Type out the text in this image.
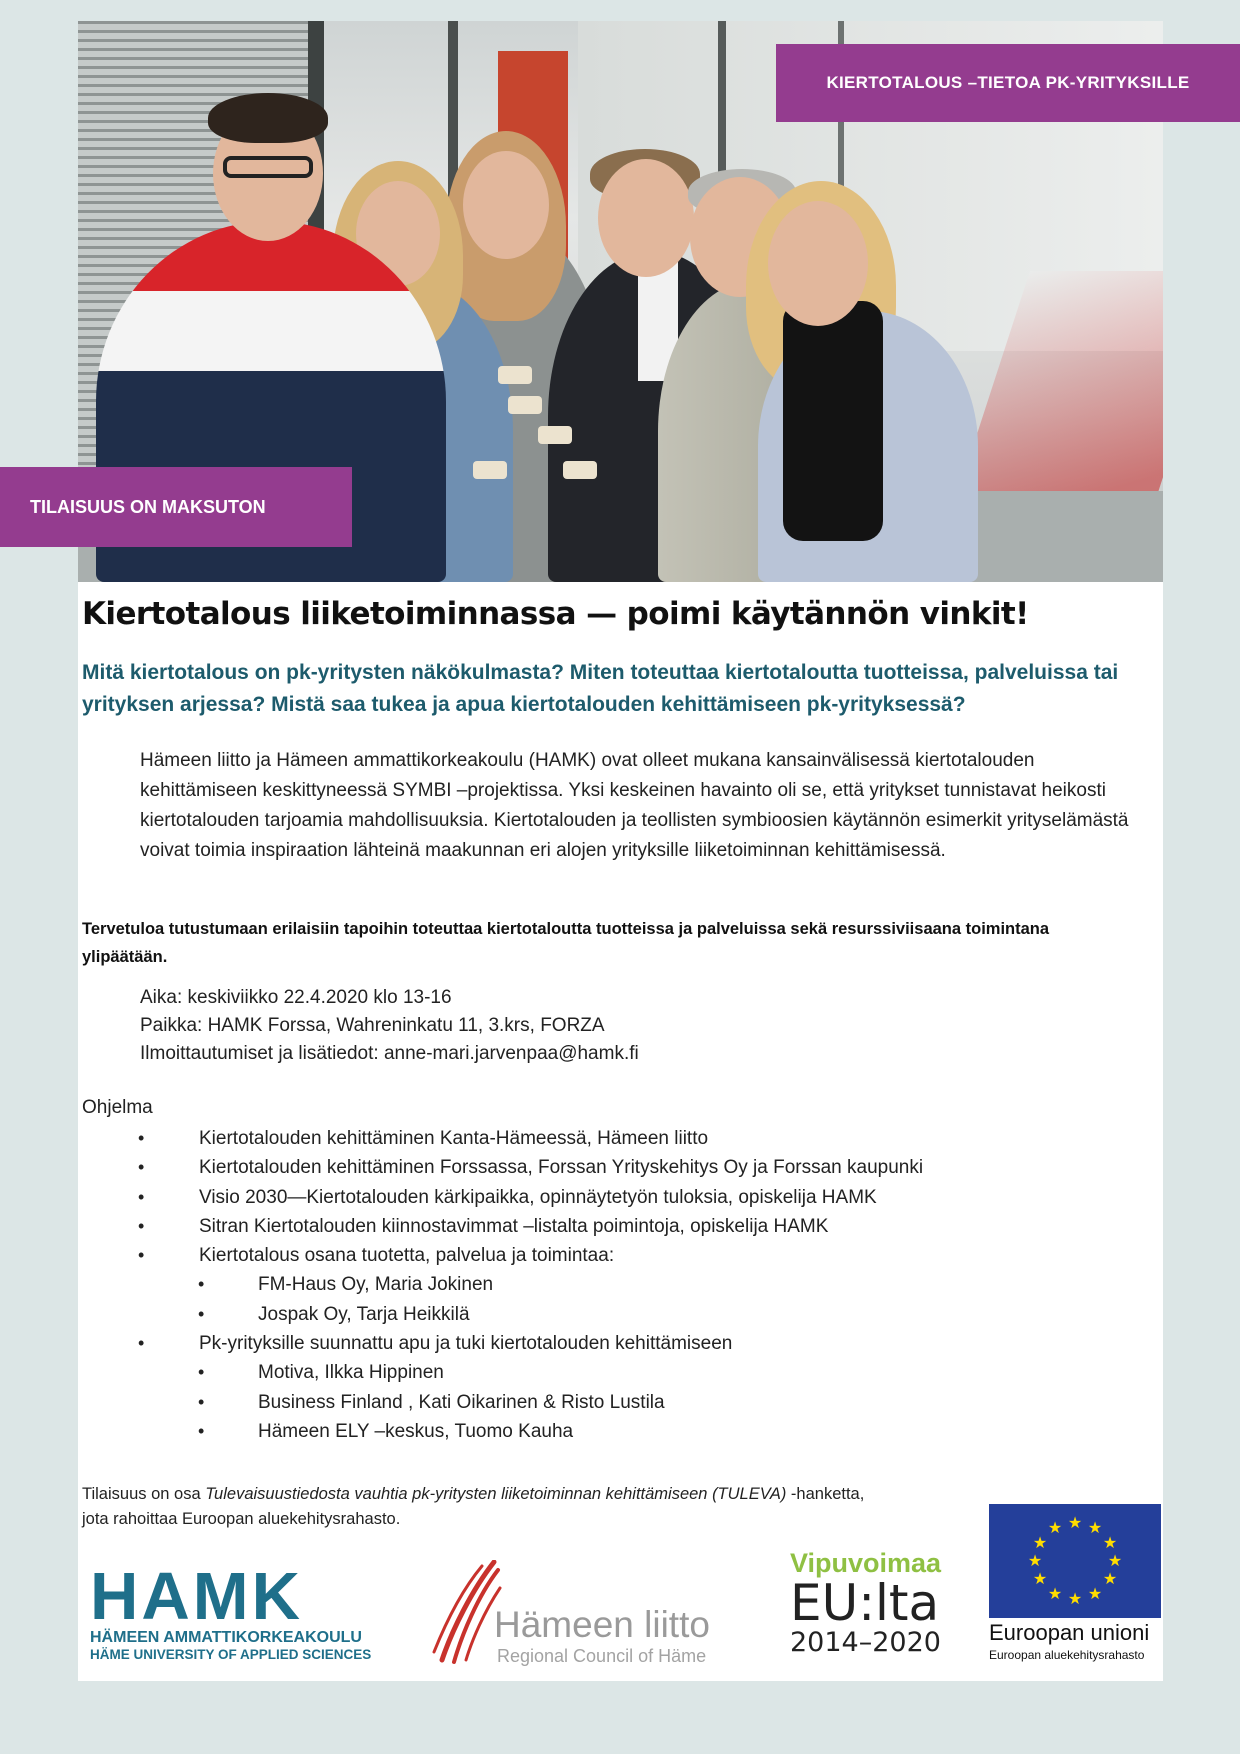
KIERTOTALOUS –TIETOA PK-YRITYKSILLE
TILAISUUS ON MAKSUTON
Kiertotalous liiketoiminnassa — poimi käytännön vinkit!
Mitä kiertotalous on pk-yritysten näkökulmasta? Miten toteuttaa kiertotaloutta tuotteissa, palveluissa tai yrityksen arjessa? Mistä saa tukea ja apua kiertotalouden kehittämiseen pk-yrityksessä?
Hämeen liitto ja Hämeen ammattikorkeakoulu (HAMK) ovat olleet mukana kansainvälisessä kiertotalouden kehittämiseen keskittyneessä SYMBI –projektissa. Yksi keskeinen havainto oli se, että yritykset tunnistavat heikosti kiertotalouden tarjoamia mahdollisuuksia. Kiertotalouden ja teollisten symbioosien käytännön esimerkit yrityselämästä voivat toimia inspiraation lähteinä maakunnan eri alojen yrityksille liiketoiminnan kehittämisessä.
Tervetuloa tutustumaan erilaisiin tapoihin toteuttaa kiertotaloutta tuotteissa ja palveluissa sekä resurssiviisaana toimintana ylipäätään.
Aika: keskiviikko 22.4.2020 klo 13-16
Paikka: HAMK Forssa, Wahreninkatu 11, 3.krs, FORZA
Ilmoittautumiset ja lisätiedot: anne-mari.jarvenpaa@hamk.fi
Ohjelma
•	Kiertotalouden kehittäminen Kanta-Hämeessä, Hämeen liitto
•	Kiertotalouden kehittäminen Forssassa, Forssan Yrityskehitys Oy ja Forssan kaupunki
•	Visio 2030—Kiertotalouden kärkipaikka, opinnäytetyön tuloksia, opiskelija HAMK
•	Sitran Kiertotalouden kiinnostavimmat –listalta poimintoja, opiskelija HAMK
•	Kiertotalous osana tuotetta, palvelua ja toimintaa:
•	FM-Haus Oy, Maria Jokinen
•	Jospak Oy, Tarja Heikkilä
•	Pk-yrityksille suunnattu apu ja tuki kiertotalouden kehittämiseen
•	Motiva, Ilkka Hippinen
•	Business Finland , Kati Oikarinen & Risto Lustila
•	Hämeen ELY –keskus, Tuomo Kauha
Tilaisuus on osa Tulevaisuustiedosta vauhtia pk-yritysten liiketoiminnan kehittämiseen (TULEVA) -hanketta,
jota rahoittaa Euroopan aluekehitysrahasto.
HAMK
HÄMEEN AMMATTIKORKEAKOULU
HÄME UNIVERSITY OF APPLIED SCIENCES
Hämeen liitto
Regional Council of Häme
Vipuvoimaa
EU:lta
2014–2020
★ ★
★
★
★
★
★
★
★
★
★
★
Euroopan unioni
Euroopan aluekehitysrahasto
